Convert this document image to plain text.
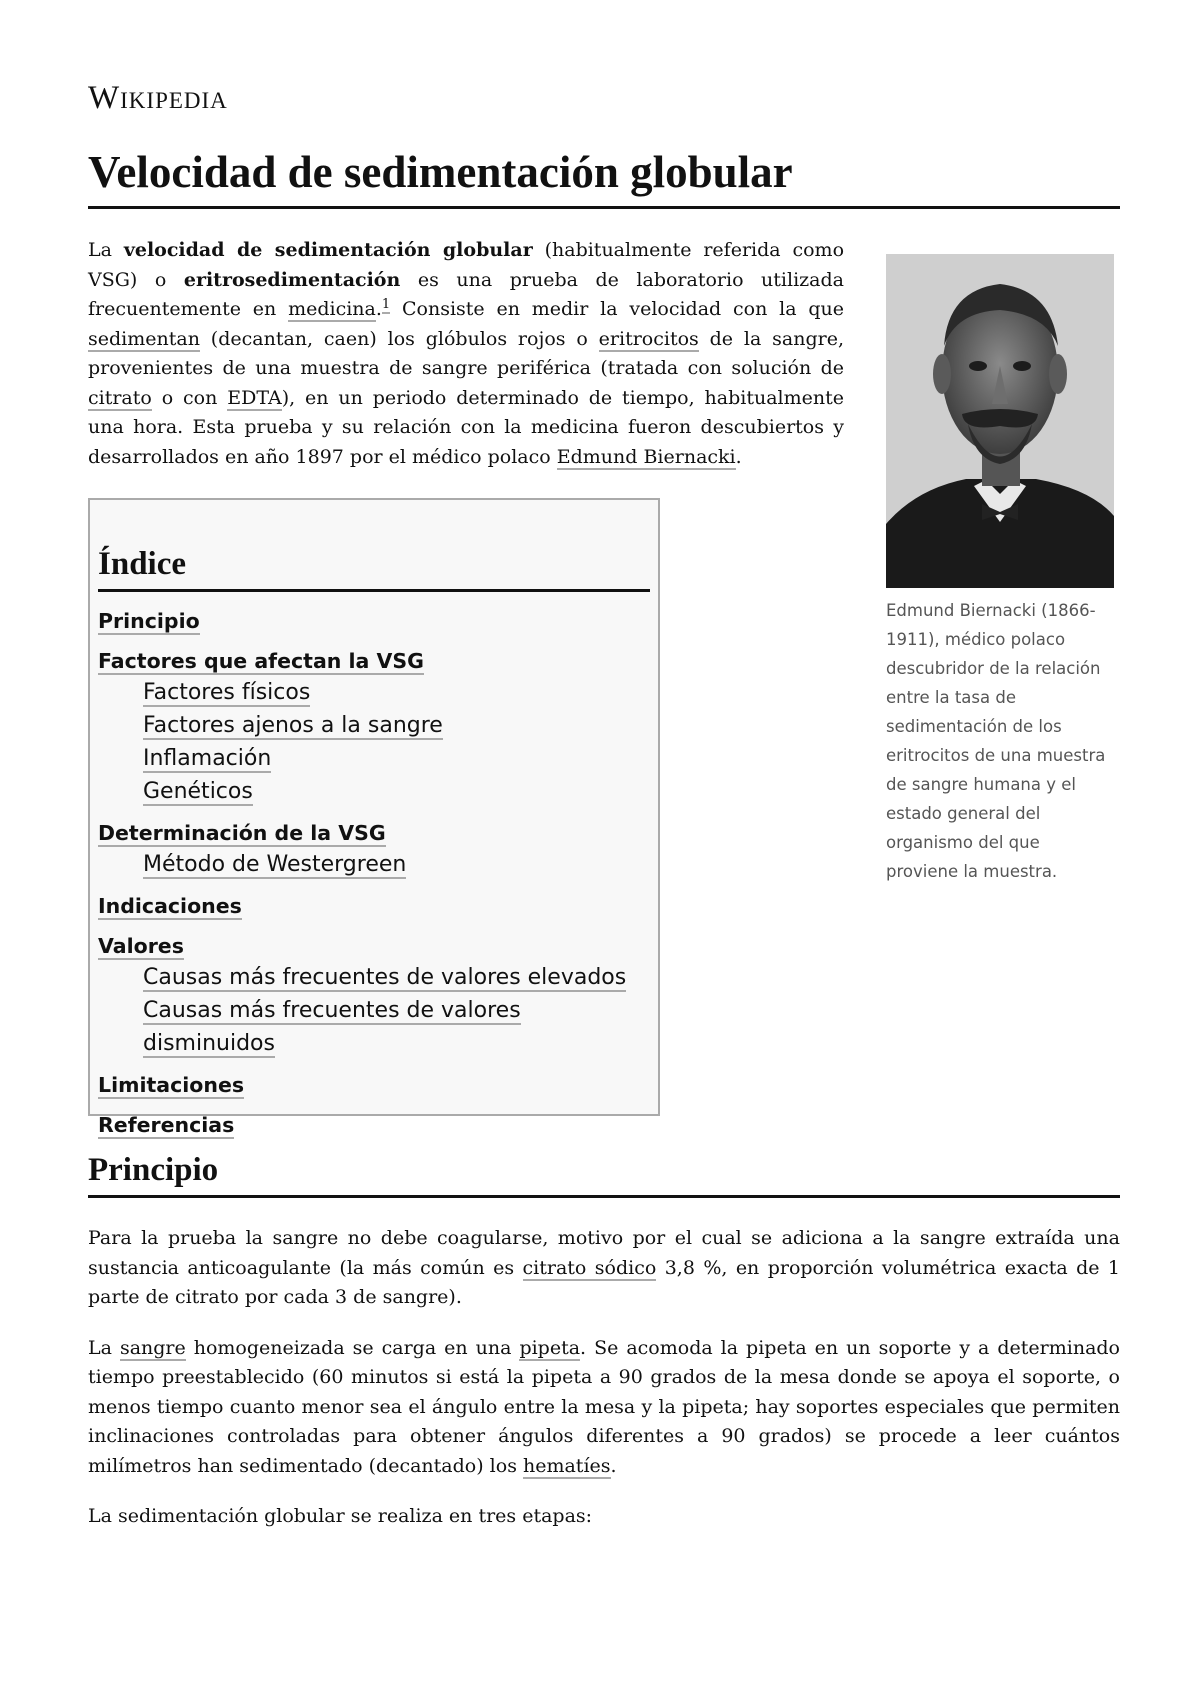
Wikipedia
Velocidad de sedimentación globular

La velocidad de sedimentación globular (habitualmente referida como VSG) o eritrosedimentación es una prueba de laboratorio utilizada frecuentemente en medicina.$^1$ Consiste en medir la velocidad con la que sedimentan (decantan, caen) los glóbulos rojos o eritrocitos de la sangre, provenientes de una muestra de sangre periférica (tratada con solución de citrato o con EDTA), en un periodo determinado de tiempo, habitualmente una hora. Esta prueba y su relación con la medicina fueron descubiertos y desarrollados en año 1897 por el médico polaco Edmund Biernacki.

Edmund Biernacki (1866-1911), médico polaco descubridor de la relación entre la tasa de sedimentación de los eritrocitos de una muestra de sangre humana y el estado general del organismo del que proviene la muestra.
Índice
Principio
Factores que afectan la VSG
Factores físicos
Factores ajenos a la sangre
Inflamación
Genéticos
Determinación de la VSG
Método de Westergreen
Indicaciones
Valores
Causas más frecuentes de valores elevados
Causas más frecuentes de valores disminuidos
Limitaciones
Referencias
Principio

Para la prueba la sangre no debe coagularse, motivo por el cual se adiciona a la sangre extraída una sustancia anticoagulante (la más común es citrato sódico 3,8 %, en proporción volumétrica exacta de 1 parte de citrato por cada 3 de sangre).

La sangre homogeneizada se carga en una pipeta. Se acomoda la pipeta en un soporte y a determinado tiempo preestablecido (60 minutos si está la pipeta a 90 grados de la mesa donde se apoya el soporte, o menos tiempo cuanto menor sea el ángulo entre la mesa y la pipeta; hay soportes especiales que permiten inclinaciones controladas para obtener ángulos diferentes a 90 grados) se procede a leer cuántos milímetros han sedimentado (decantado) los hematíes.

La sedimentación globular se realiza en tres etapas:
